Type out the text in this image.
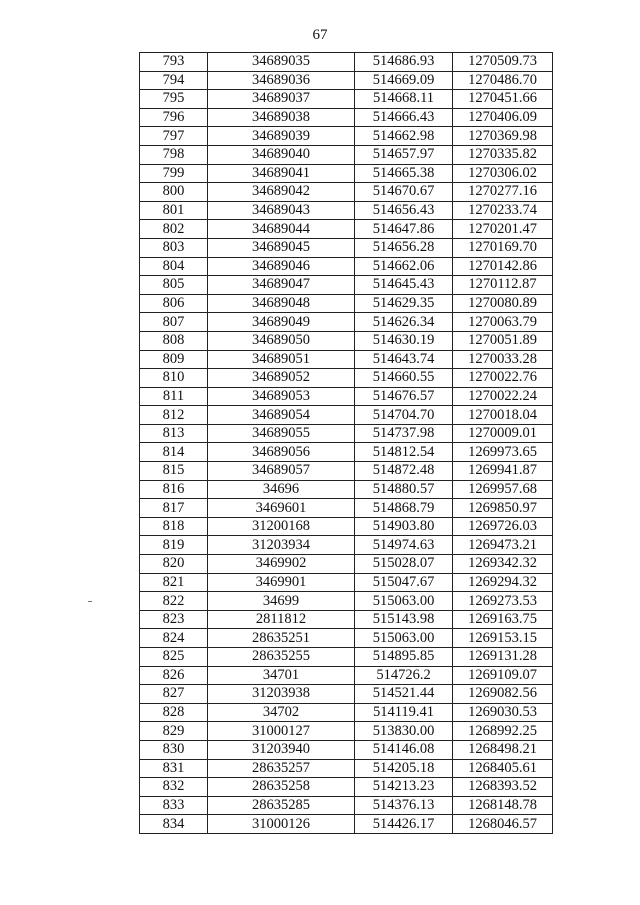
67
793	34689035	514686.93	1270509.73
794	34689036	514669.09	1270486.70
795	34689037	514668.11	1270451.66
796	34689038	514666.43	1270406.09
797	34689039	514662.98	1270369.98
798	34689040	514657.97	1270335.82
799	34689041	514665.38	1270306.02
800	34689042	514670.67	1270277.16
801	34689043	514656.43	1270233.74
802	34689044	514647.86	1270201.47
803	34689045	514656.28	1270169.70
804	34689046	514662.06	1270142.86
805	34689047	514645.43	1270112.87
806	34689048	514629.35	1270080.89
807	34689049	514626.34	1270063.79
808	34689050	514630.19	1270051.89
809	34689051	514643.74	1270033.28
810	34689052	514660.55	1270022.76
811	34689053	514676.57	1270022.24
812	34689054	514704.70	1270018.04
813	34689055	514737.98	1270009.01
814	34689056	514812.54	1269973.65
815	34689057	514872.48	1269941.87
816	34696	514880.57	1269957.68
817	3469601	514868.79	1269850.97
818	31200168	514903.80	1269726.03
819	31203934	514974.63	1269473.21
820	3469902	515028.07	1269342.32
821	3469901	515047.67	1269294.32
822	34699	515063.00	1269273.53
823	2811812	515143.98	1269163.75
824	28635251	515063.00	1269153.15
825	28635255	514895.85	1269131.28
826	34701	514726.2	1269109.07
827	31203938	514521.44	1269082.56
828	34702	514119.41	1269030.53
829	31000127	513830.00	1268992.25
830	31203940	514146.08	1268498.21
831	28635257	514205.18	1268405.61
832	28635258	514213.23	1268393.52
833	28635285	514376.13	1268148.78
834	31000126	514426.17	1268046.57
